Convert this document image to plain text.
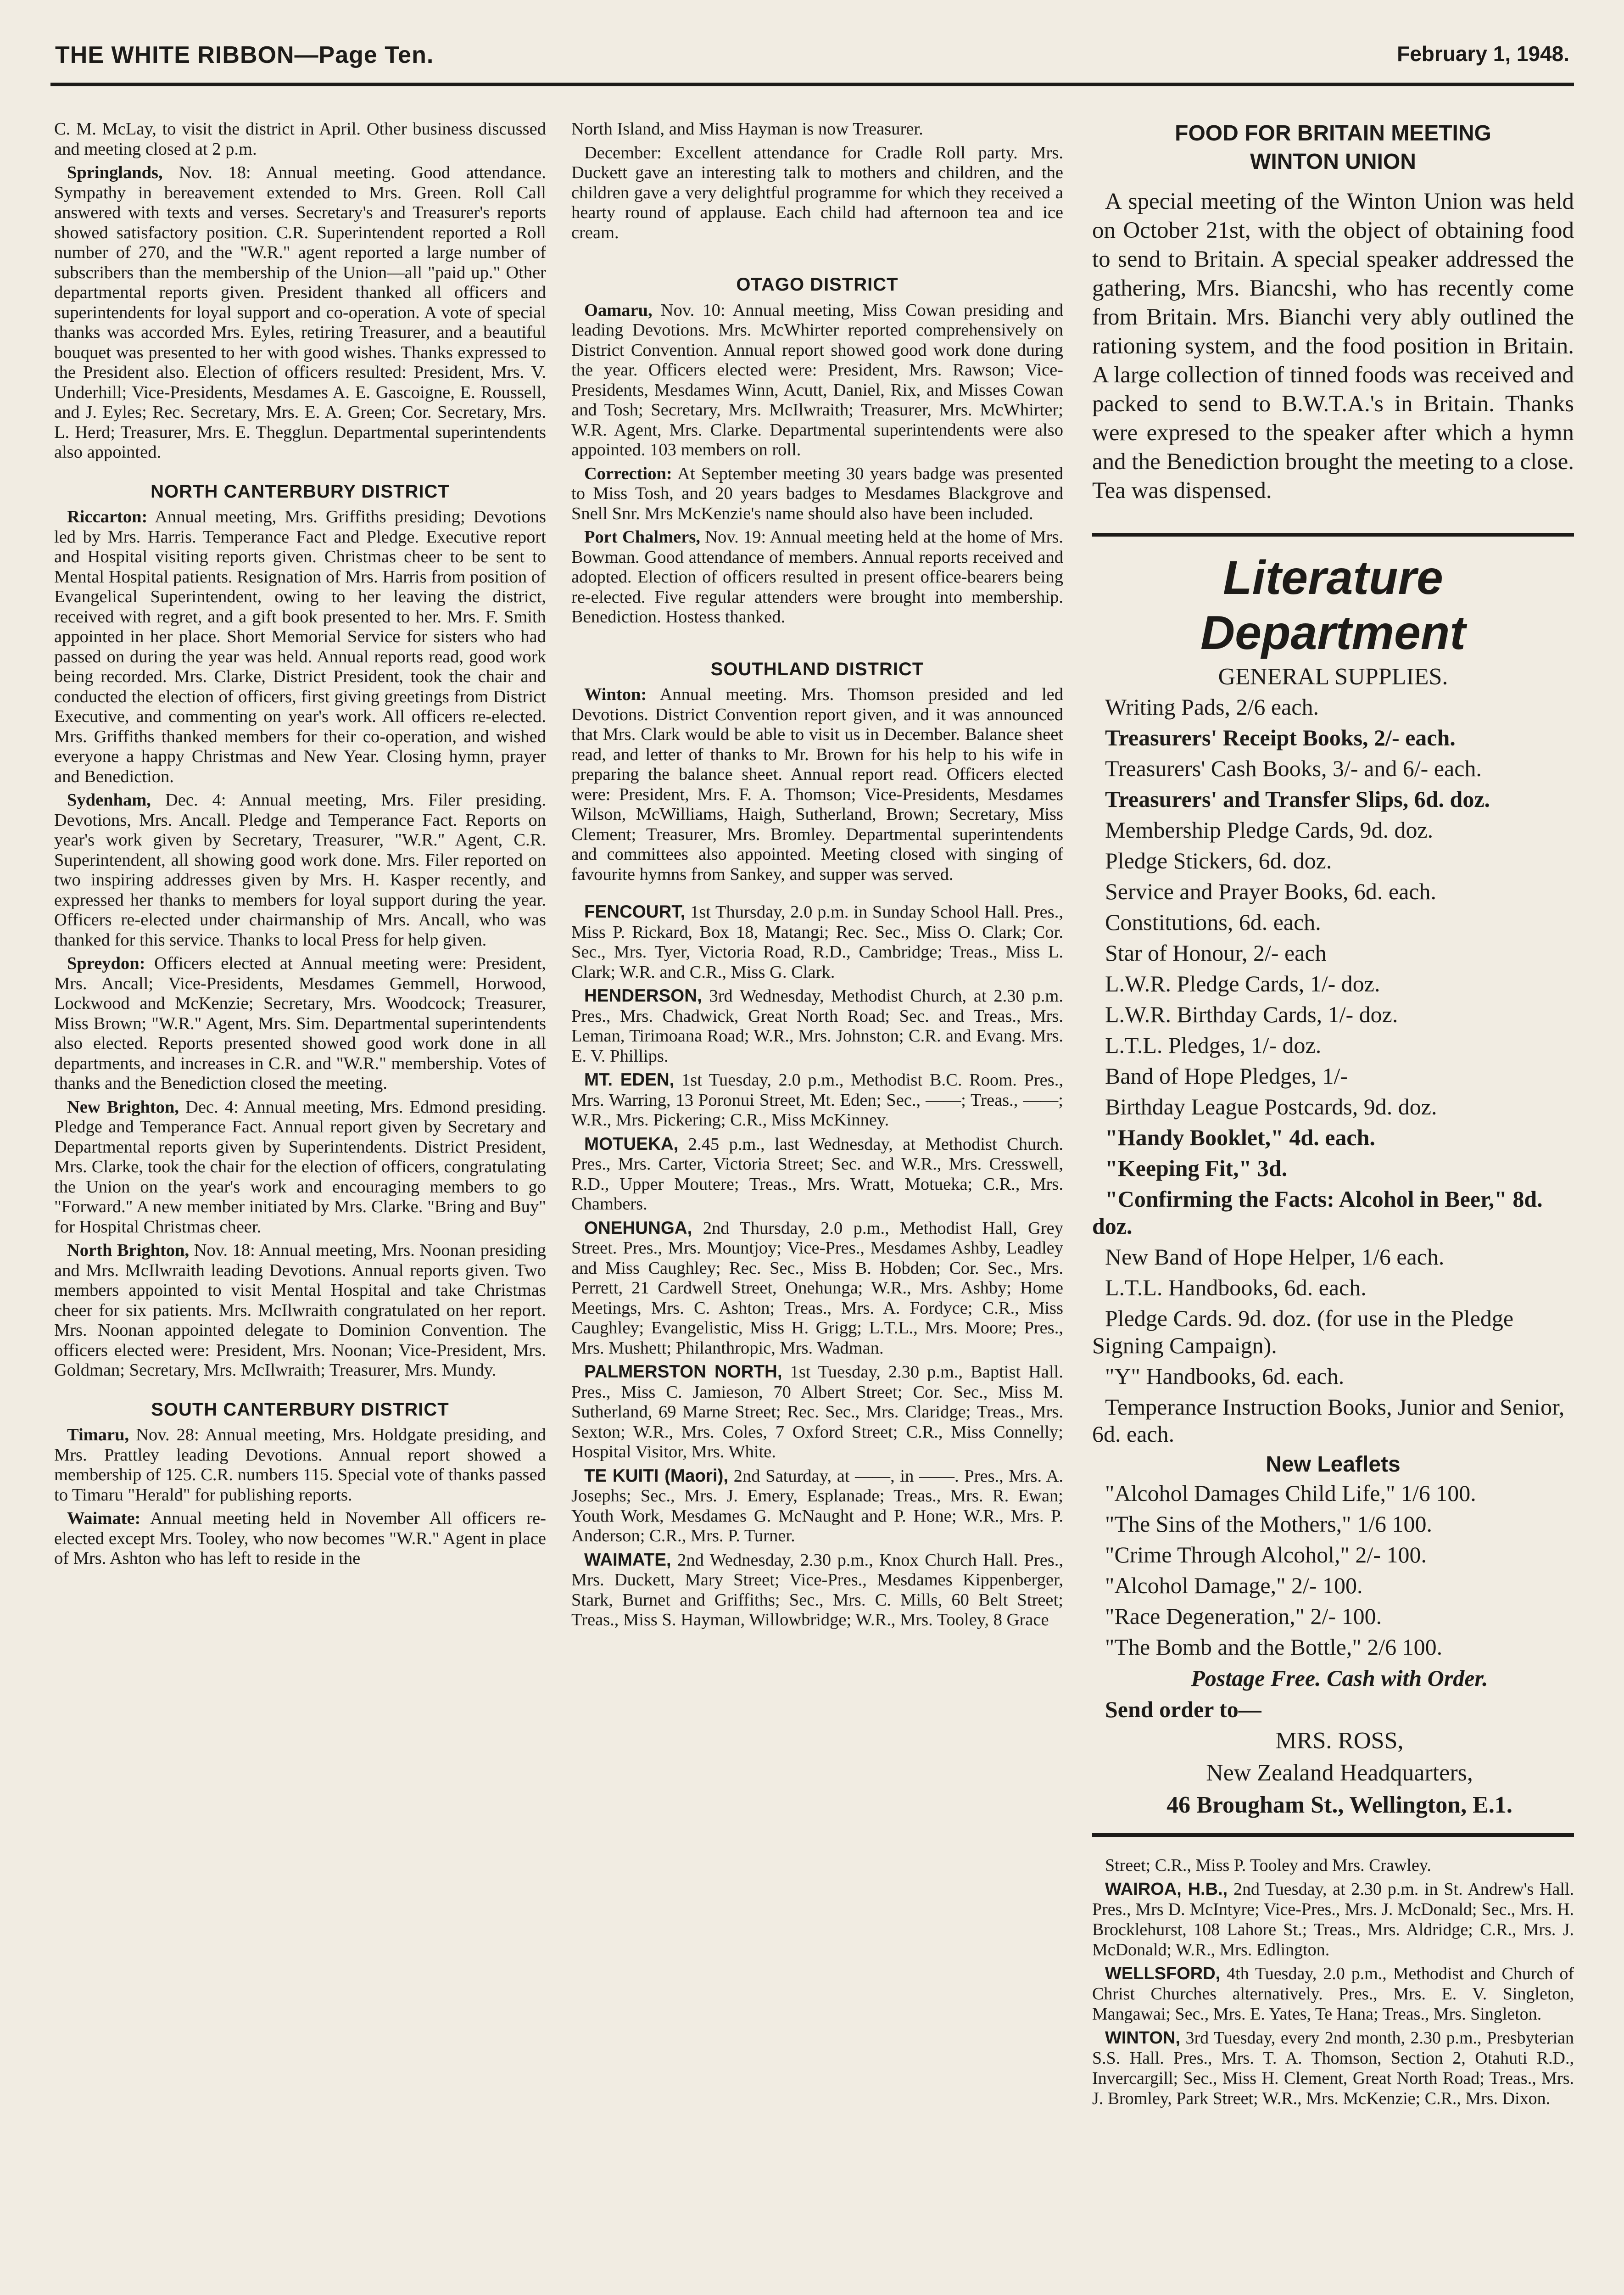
THE WHITE RIBBON—Page Ten.	February 1, 1948.

C. M. McLay, to visit the district in April. Other business discussed and meeting closed at 2 p.m.

Springlands, Nov. 18: Annual meeting. Good attendance. Sympathy in bereavement extended to Mrs. Green. Roll Call answered with texts and verses. Secretary's and Treasurer's reports showed satisfactory position. C.R. Superintendent reported a Roll number of 270, and the "W.R." agent reported a large number of subscribers than the membership of the Union—all "paid up." Other departmental reports given. President thanked all officers and superintendents for loyal support and co-operation. A vote of special thanks was accorded Mrs. Eyles, retiring Treasurer, and a beautiful bouquet was presented to her with good wishes. Thanks expressed to the President also. Election of officers resulted: President, Mrs. V. Underhill; Vice-Presidents, Mesdames A. E. Gascoigne, E. Roussell, and J. Eyles; Rec. Secretary, Mrs. E. A. Green; Cor. Secretary, Mrs. L. Herd; Treasurer, Mrs. E. Thegglun. Departmental superintendents also appointed.

NORTH CANTERBURY DISTRICT

Riccarton: Annual meeting, Mrs. Griffiths presiding; Devotions led by Mrs. Harris. Temperance Fact and Pledge. Executive report and Hospital visiting reports given. Christmas cheer to be sent to Mental Hospital patients. Resignation of Mrs. Harris from position of Evangelical Superintendent, owing to her leaving the district, received with regret, and a gift book presented to her. Mrs. F. Smith appointed in her place. Short Memorial Service for sisters who had passed on during the year was held. Annual reports read, good work being recorded. Mrs. Clarke, District President, took the chair and conducted the election of officers, first giving greetings from District Executive, and commenting on year's work. All officers re-elected. Mrs. Griffiths thanked members for their co-operation, and wished everyone a happy Christmas and New Year. Closing hymn, prayer and Benediction.

Sydenham, Dec. 4: Annual meeting, Mrs. Filer presiding. Devotions, Mrs. Ancall. Pledge and Temperance Fact. Reports on year's work given by Secretary, Treasurer, "W.R." Agent, C.R. Superintendent, all showing good work done. Mrs. Filer reported on two inspiring addresses given by Mrs. H. Kasper recently, and expressed her thanks to members for loyal support during the year. Officers re-elected under chairmanship of Mrs. Ancall, who was thanked for this service. Thanks to local Press for help given.

Spreydon: Officers elected at Annual meeting were: President, Mrs. Ancall; Vice-Presidents, Mesdames Gemmell, Horwood, Lockwood and McKenzie; Secretary, Mrs. Woodcock; Treasurer, Miss Brown; "W.R." Agent, Mrs. Sim. Departmental superintendents also elected. Reports presented showed good work done in all departments, and increases in C.R. and "W.R." membership. Votes of thanks and the Benediction closed the meeting.

New Brighton, Dec. 4: Annual meeting, Mrs. Edmond presiding. Pledge and Temperance Fact. Annual report given by Secretary and Departmental reports given by Superintendents. District President, Mrs. Clarke, took the chair for the election of officers, congratulating the Union on the year's work and encouraging members to go "Forward." A new member initiated by Mrs. Clarke. "Bring and Buy" for Hospital Christmas cheer.

North Brighton, Nov. 18: Annual meeting, Mrs. Noonan presiding and Mrs. McIlwraith leading Devotions. Annual reports given. Two members appointed to visit Mental Hospital and take Christmas cheer for six patients. Mrs. McIlwraith congratulated on her report. Mrs. Noonan appointed delegate to Dominion Convention. The officers elected were: President, Mrs. Noonan; Vice-President, Mrs. Goldman; Secretary, Mrs. McIlwraith; Treasurer, Mrs. Mundy.

SOUTH CANTERBURY DISTRICT

Timaru, Nov. 28: Annual meeting, Mrs. Holdgate presiding, and Mrs. Prattley leading Devotions. Annual report showed a membership of 125. C.R. numbers 115. Special vote of thanks passed to Timaru "Herald" for publishing reports.

Waimate: Annual meeting held in November All officers re-elected except Mrs. Tooley, who now becomes "W.R." Agent in place of Mrs. Ashton who has left to reside in the

North Island, and Miss Hayman is now Treasurer.

December: Excellent attendance for Cradle Roll party. Mrs. Duckett gave an interesting talk to mothers and children, and the children gave a very delightful programme for which they received a hearty round of applause. Each child had afternoon tea and ice cream.

OTAGO DISTRICT

Oamaru, Nov. 10: Annual meeting, Miss Cowan presiding and leading Devotions. Mrs. McWhirter reported comprehensively on District Convention. Annual report showed good work done during the year. Officers elected were: President, Mrs. Rawson; Vice-Presidents, Mesdames Winn, Acutt, Daniel, Rix, and Misses Cowan and Tosh; Secretary, Mrs. McIlwraith; Treasurer, Mrs. McWhirter; W.R. Agent, Mrs. Clarke. Departmental superintendents were also appointed. 103 members on roll.

Correction: At September meeting 30 years badge was presented to Miss Tosh, and 20 years badges to Mesdames Blackgrove and Snell Snr. Mrs McKenzie's name should also have been included.

Port Chalmers, Nov. 19: Annual meeting held at the home of Mrs. Bowman. Good attendance of members. Annual reports received and adopted. Election of officers resulted in present office-bearers being re-elected. Five regular attenders were brought into membership. Benediction. Hostess thanked.

SOUTHLAND DISTRICT

Winton: Annual meeting. Mrs. Thomson presided and led Devotions. District Convention report given, and it was announced that Mrs. Clark would be able to visit us in December. Balance sheet read, and letter of thanks to Mr. Brown for his help to his wife in preparing the balance sheet. Annual report read. Officers elected were: President, Mrs. F. A. Thomson; Vice-Presidents, Mesdames Wilson, McWilliams, Haigh, Sutherland, Brown; Secretary, Miss Clement; Treasurer, Mrs. Bromley. Departmental superintendents and committees also appointed. Meeting closed with singing of favourite hymns from Sankey, and supper was served.

FENCOURT, 1st Thursday, 2.0 p.m. in Sunday School Hall. Pres., Miss P. Rickard, Box 18, Matangi; Rec. Sec., Miss O. Clark; Cor. Sec., Mrs. Tyer, Victoria Road, R.D., Cambridge; Treas., Miss L. Clark; W.R. and C.R., Miss G. Clark.

HENDERSON, 3rd Wednesday, Methodist Church, at 2.30 p.m. Pres., Mrs. Chadwick, Great North Road; Sec. and Treas., Mrs. Leman, Tirimoana Road; W.R., Mrs. Johnston; C.R. and Evang. Mrs. E. V. Phillips.

MT. EDEN, 1st Tuesday, 2.0 p.m., Methodist B.C. Room. Pres., Mrs. Warring, 13 Poronui Street, Mt. Eden; Sec., ——; Treas., ——; W.R., Mrs. Pickering; C.R., Miss McKinney.

MOTUEKA, 2.45 p.m., last Wednesday, at Methodist Church. Pres., Mrs. Carter, Victoria Street; Sec. and W.R., Mrs. Cresswell, R.D., Upper Moutere; Treas., Mrs. Wratt, Motueka; C.R., Mrs. Chambers.

ONEHUNGA, 2nd Thursday, 2.0 p.m., Methodist Hall, Grey Street. Pres., Mrs. Mountjoy; Vice-Pres., Mesdames Ashby, Leadley and Miss Caughley; Rec. Sec., Miss B. Hobden; Cor. Sec., Mrs. Perrett, 21 Cardwell Street, Onehunga; W.R., Mrs. Ashby; Home Meetings, Mrs. C. Ashton; Treas., Mrs. A. Fordyce; C.R., Miss Caughley; Evangelistic, Miss H. Grigg; L.T.L., Mrs. Moore; Pres., Mrs. Mushett; Philanthropic, Mrs. Wadman.

PALMERSTON NORTH, 1st Tuesday, 2.30 p.m., Baptist Hall. Pres., Miss C. Jamieson, 70 Albert Street; Cor. Sec., Miss M. Sutherland, 69 Marne Street; Rec. Sec., Mrs. Claridge; Treas., Mrs. Sexton; W.R., Mrs. Coles, 7 Oxford Street; C.R., Miss Connelly; Hospital Visitor, Mrs. White.

TE KUITI (Maori), 2nd Saturday, at ——, in ——. Pres., Mrs. A. Josephs; Sec., Mrs. J. Emery, Esplanade; Treas., Mrs. R. Ewan; Youth Work, Mesdames G. McNaught and P. Hone; W.R., Mrs. P. Anderson; C.R., Mrs. P. Turner.

WAIMATE, 2nd Wednesday, 2.30 p.m., Knox Church Hall. Pres., Mrs. Duckett, Mary Street; Vice-Pres., Mesdames Kippenberger, Stark, Burnet and Griffiths; Sec., Mrs. C. Mills, 60 Belt Street; Treas., Miss S. Hayman, Willowbridge; W.R., Mrs. Tooley, 8 Grace

FOOD FOR BRITAIN MEETING
WINTON UNION

A special meeting of the Winton Union was held on October 21st, with the object of obtaining food to send to Britain. A special speaker addressed the gathering, Mrs. Biancshi, who has recently come from Britain. Mrs. Bianchi very ably outlined the rationing system, and the food position in Britain. A large collection of tinned foods was received and packed to send to B.W.T.A.'s in Britain. Thanks were expresed to the speaker after which a hymn and the Benediction brought the meeting to a close. Tea was dispensed.

Literature Department
GENERAL SUPPLIES.

Writing Pads, 2/6 each.

Treasurers' Receipt Books, 2/- each.

Treasurers' Cash Books, 3/- and 6/- each.

Treasurers' and Transfer Slips, 6d. doz.

Membership Pledge Cards, 9d. doz.

Pledge Stickers, 6d. doz.

Service and Prayer Books, 6d. each.

Constitutions, 6d. each.

Star of Honour, 2/- each

L.W.R. Pledge Cards, 1/- doz.

L.W.R. Birthday Cards, 1/- doz.

L.T.L. Pledges, 1/- doz.

Band of Hope Pledges, 1/-

Birthday League Postcards, 9d. doz.

"Handy Booklet," 4d. each.

"Keeping Fit," 3d.

"Confirming the Facts: Alcohol in Beer," 8d. doz.

New Band of Hope Helper, 1/6 each.

L.T.L. Handbooks, 6d. each.

Pledge Cards. 9d. doz. (for use in the Pledge Signing Campaign).

"Y" Handbooks, 6d. each.

Temperance Instruction Books, Junior and Senior, 6d. each.

New Leaflets

"Alcohol Damages Child Life," 1/6 100.

"The Sins of the Mothers," 1/6 100.

"Crime Through Alcohol," 2/- 100.

"Alcohol Damage," 2/- 100.

"Race Degeneration," 2/- 100.

"The Bomb and the Bottle," 2/6 100.

Postage Free. Cash with Order.

Send order to—

MRS. ROSS,

New Zealand Headquarters,

46 Brougham St., Wellington, E.1.

Street; C.R., Miss P. Tooley and Mrs. Crawley.

WAIROA, H.B., 2nd Tuesday, at 2.30 p.m. in St. Andrew's Hall. Pres., Mrs D. McIntyre; Vice-Pres., Mrs. J. McDonald; Sec., Mrs. H. Brocklehurst, 108 Lahore St.; Treas., Mrs. Aldridge; C.R., Mrs. J. McDonald; W.R., Mrs. Edlington.

WELLSFORD, 4th Tuesday, 2.0 p.m., Methodist and Church of Christ Churches alternatively. Pres., Mrs. E. V. Singleton, Mangawai; Sec., Mrs. E. Yates, Te Hana; Treas., Mrs. Singleton.

WINTON, 3rd Tuesday, every 2nd month, 2.30 p.m., Presbyterian S.S. Hall. Pres., Mrs. T. A. Thomson, Section 2, Otahuti R.D., Invercargill; Sec., Miss H. Clement, Great North Road; Treas., Mrs. J. Bromley, Park Street; W.R., Mrs. McKenzie; C.R., Mrs. Dixon.
